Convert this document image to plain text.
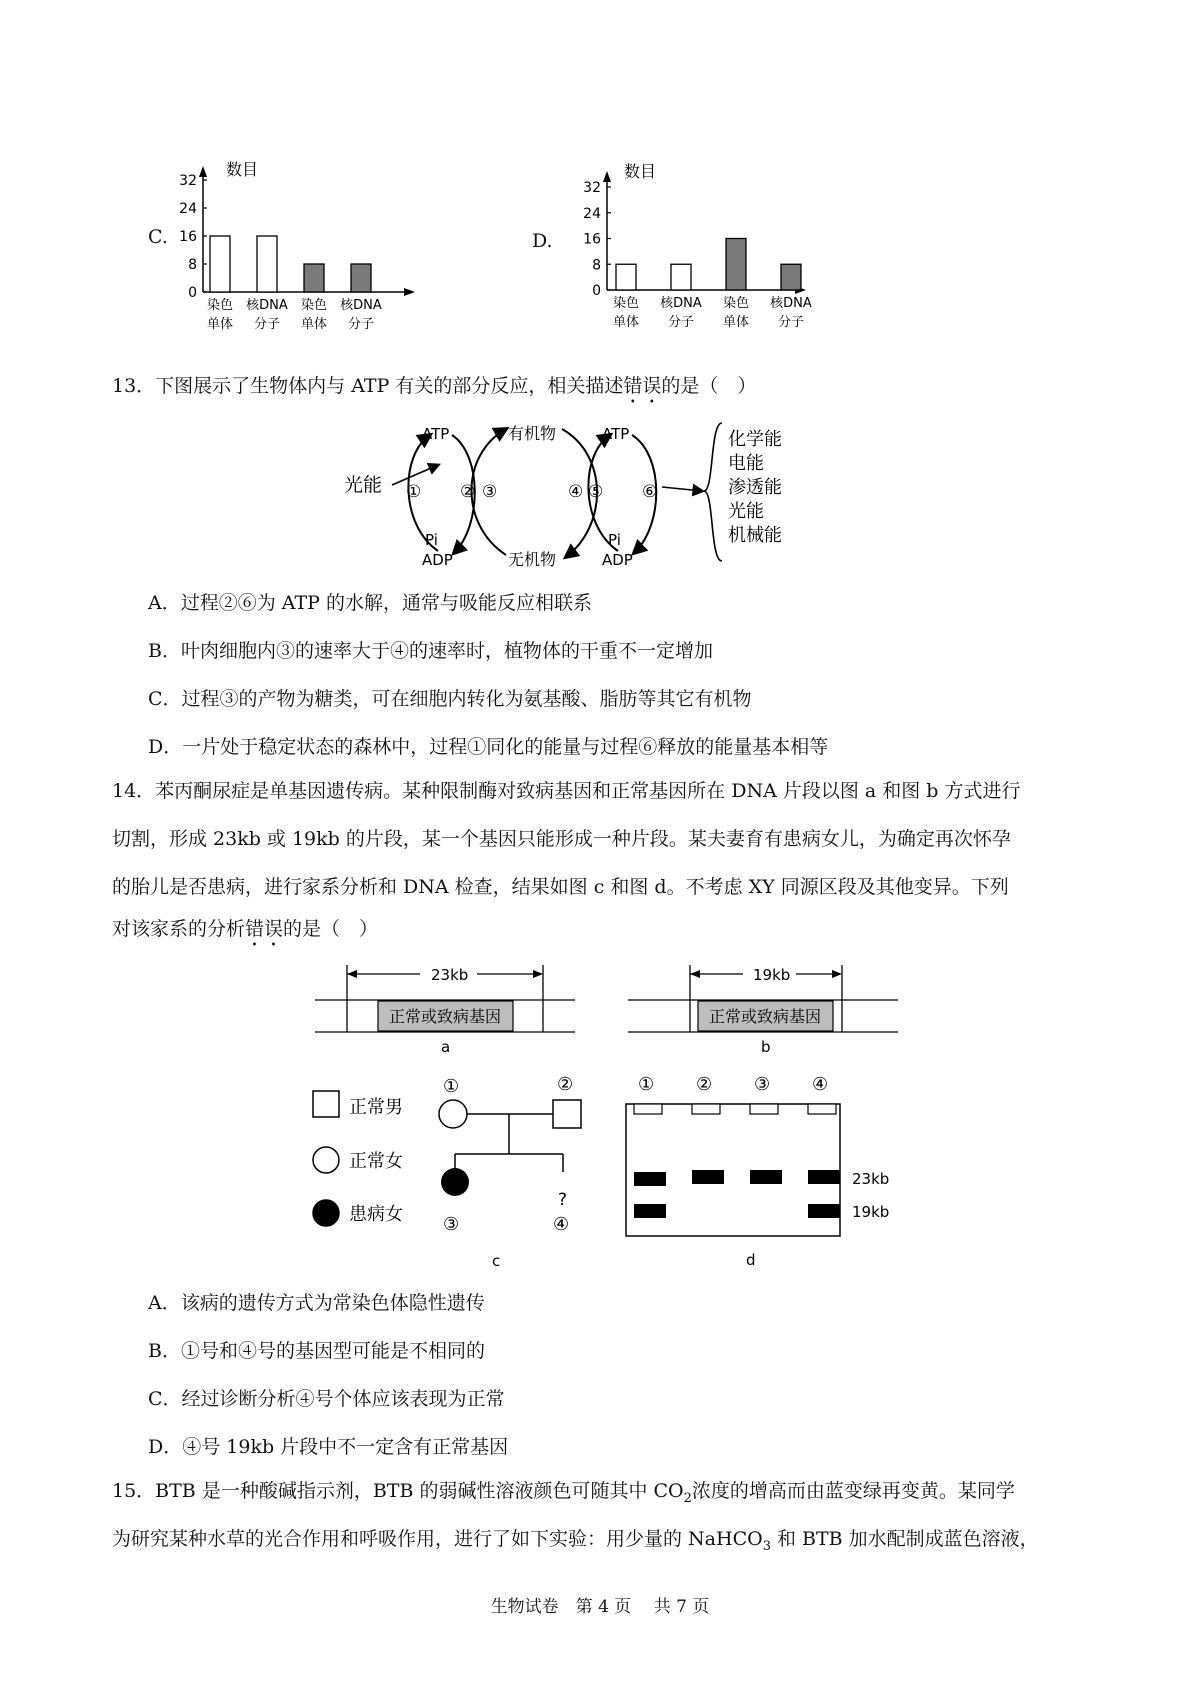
C.
数目
0
8
16
24
32
染色
单体
核DNA
分子
染色
单体
核DNA
分子
D.
数目
0
8
16
24
32
染色
单体
核DNA
分子
染色
单体
核DNA
分子
13．下图展示了生物体内与 ATP 有关的部分反应，相关描述错误的是（　）
光能
ATP
Pi
ADP
① ②
有机物
无机物
③	④
ATP
Pi
ADP
⑤ ⑥
化学能
电能
渗透能
光能
机械能
A．过程②⑥为 ATP 的水解，通常与吸能反应相联系
B．叶肉细胞内③的速率大于④的速率时，植物体的干重不一定增加
C．过程③的产物为糖类，可在细胞内转化为氨基酸、脂肪等其它有机物
D．一片处于稳定状态的森林中，过程①同化的能量与过程⑥释放的能量基本相等
14．苯丙酮尿症是单基因遗传病。某种限制酶对致病基因和正常基因所在 DNA 片段以图 a 和图 b 方式进行
切割，形成 23kb 或 19kb 的片段，某一个基因只能形成一种片段。某夫妻育有患病女儿，为确定再次怀孕
的胎儿是否患病，进行家系分析和 DNA 检查，结果如图 c 和图 d。不考虑 XY 同源区段及其他变异。下列
对该家系的分析错误的是（　）
23kb
正常或致病基因
a
19kb
正常或致病基因
b
正常男
正常女
患病女
①	②
?
③	④
c
① ② ③ ④
23kb
19kb
d
A．该病的遗传方式为常染色体隐性遗传
B．①号和④号的基因型可能是不相同的
C．经过诊断分析④号个体应该表现为正常
D．④号 19kb 片段中不一定含有正常基因
15．BTB 是一种酸碱指示剂，BTB 的弱碱性溶液颜色可随其中 $CO_2$浓度的增高而由蓝变绿再变黄。某同学
为研究某种水草的光合作用和呼吸作用，进行了如下实验：用少量的 NaHCO$_3$ 和 BTB 加水配制成蓝色溶液，
生物试卷　第 4 页　 共 7 页
